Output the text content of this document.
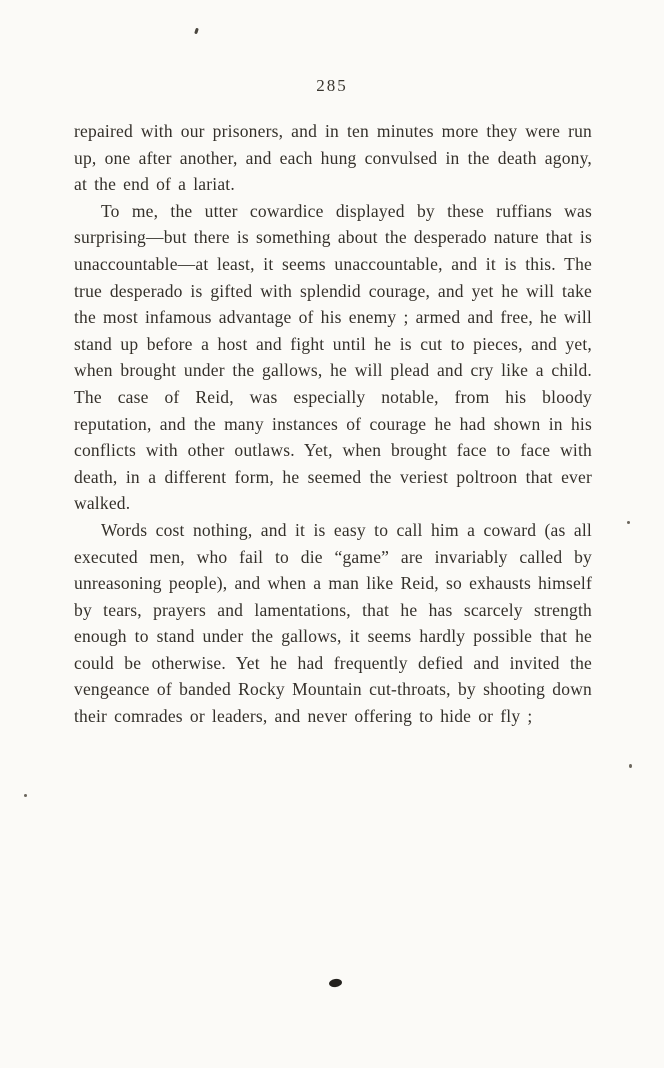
285

repaired with our prisoners, and in ten minutes more they were run up, one after another, and each hung convulsed in the death agony, at the end of a lariat.

To me, the utter cowardice displayed by these ruffians was surprising—but there is something about the desperado nature that is unaccountable—at least, it seems unaccountable, and it is this. The true desperado is gifted with splendid courage, and yet he will take the most infamous advantage of his enemy ; armed and free, he will stand up before a host and fight until he is cut to pieces, and yet, when brought under the gallows, he will plead and cry like a child. The case of Reid, was especially notable, from his bloody reputation, and the many instances of courage he had shown in his conflicts with other outlaws. Yet, when brought face to face with death, in a different form, he seemed the veriest poltroon that ever walked.

Words cost nothing, and it is easy to call him a coward (as all executed men, who fail to die “game” are invariably called by unreasoning people), and when a man like Reid, so exhausts himself by tears, prayers and lamentations, that he has scarcely strength enough to stand under the gallows, it seems hardly possible that he could be otherwise. Yet he had frequently defied and invited the vengeance of banded Rocky Mountain cut-throats, by shooting down their comrades or leaders, and never offering to hide or fly ;
